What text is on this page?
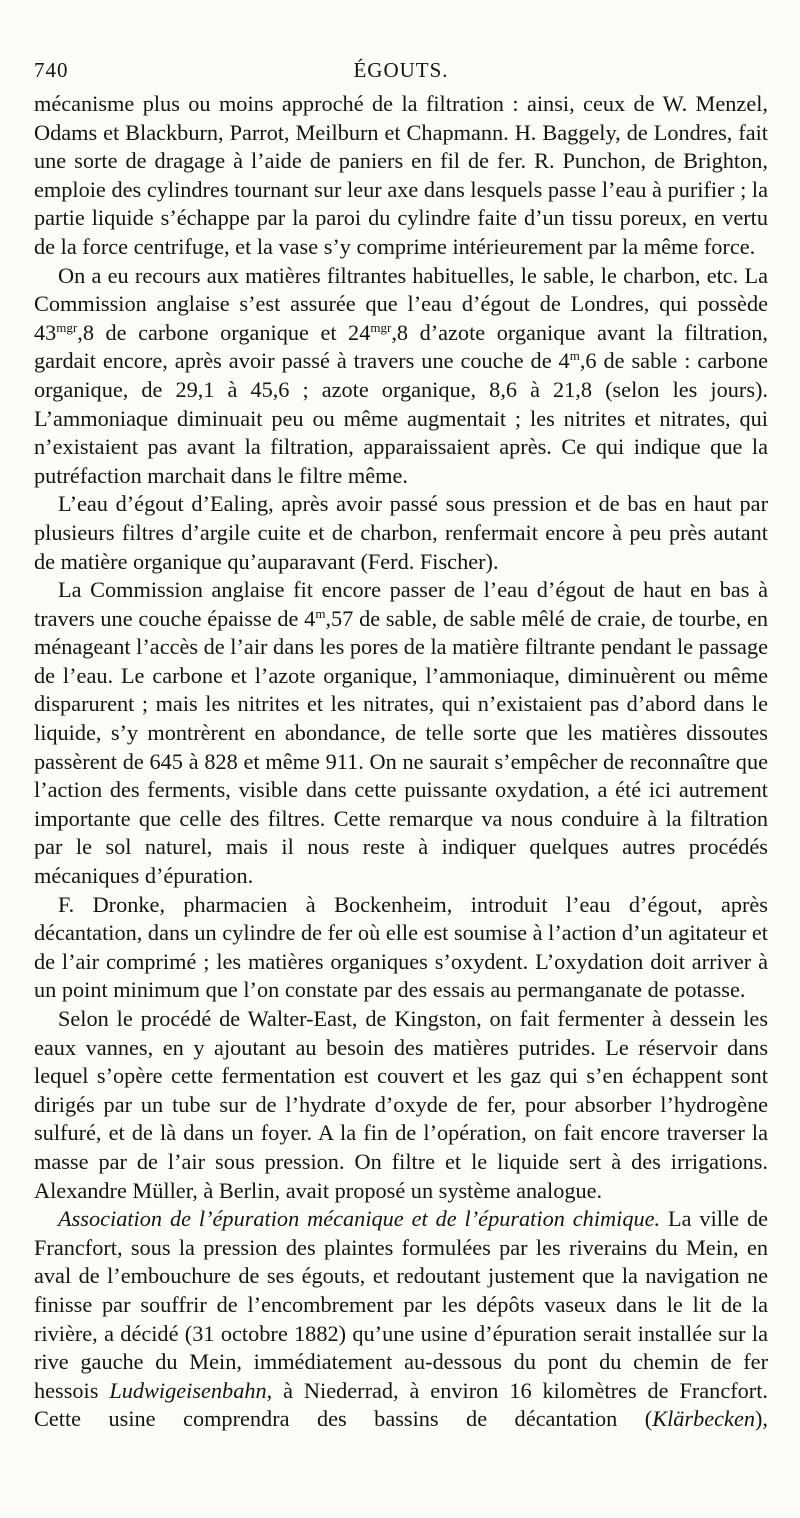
740	ÉGOUTS.

mécanisme plus ou moins approché de la filtration : ainsi, ceux de W. Menzel, Odams et Blackburn, Parrot, Meilburn et Chapmann. H. Baggely, de Londres, fait une sorte de dragage à l’aide de paniers en fil de fer. R. Punchon, de Brighton, emploie des cylindres tournant sur leur axe dans lesquels passe l’eau à purifier ; la partie liquide s’échappe par la paroi du cylindre faite d’un tissu poreux, en vertu de la force centrifuge, et la vase s’y comprime intérieurement par la même force.

On a eu recours aux matières filtrantes habituelles, le sable, le charbon, etc. La Commission anglaise s’est assurée que l’eau d’égout de Londres, qui possède $43^{mgr},8$ de carbone organique et $24^{mgr},8$ d’azote organique avant la filtration, gardait encore, après avoir passé à travers une couche de 4$^m$,6 de sable : carbone organique, de 29,1 à 45,6 ; azote organique, 8,6 à 21,8 (selon les jours). L’ammoniaque diminuait peu ou même augmentait ; les nitrites et nitrates, qui n’existaient pas avant la filtration, apparaissaient après. Ce qui indique que la putréfaction marchait dans le filtre même.

L’eau d’égout d’Ealing, après avoir passé sous pression et de bas en haut par plusieurs filtres d’argile cuite et de charbon, renfermait encore à peu près autant de matière organique qu’auparavant (Ferd. Fischer).

La Commission anglaise fit encore passer de l’eau d’égout de haut en bas à travers une couche épaisse de 4$^m$,57 de sable, de sable mêlé de craie, de tourbe, en ménageant l’accès de l’air dans les pores de la matière filtrante pendant le passage de l’eau. Le carbone et l’azote organique, l’ammoniaque, diminuèrent ou même disparurent ; mais les nitrites et les nitrates, qui n’existaient pas d’abord dans le liquide, s’y montrèrent en abondance, de telle sorte que les matières dissoutes passèrent de 645 à 828 et même 911. On ne saurait s’empêcher de reconnaître que l’action des ferments, visible dans cette puissante oxydation, a été ici autrement importante que celle des filtres. Cette remarque va nous conduire à la filtration par le sol naturel, mais il nous reste à indiquer quelques autres procédés mécaniques d’épuration.

F. Dronke, pharmacien à Bockenheim, introduit l’eau d’égout, après décantation, dans un cylindre de fer où elle est soumise à l’action d’un agitateur et de l’air comprimé ; les matières organiques s’oxydent. L’oxydation doit arriver à un point minimum que l’on constate par des essais au permanganate de potasse.

Selon le procédé de Walter-East, de Kingston, on fait fermenter à dessein les eaux vannes, en y ajoutant au besoin des matières putrides. Le réservoir dans lequel s’opère cette fermentation est couvert et les gaz qui s’en échappent sont dirigés par un tube sur de l’hydrate d’oxyde de fer, pour absorber l’hydrogène sulfuré, et de là dans un foyer. A la fin de l’opération, on fait encore traverser la masse par de l’air sous pression. On filtre et le liquide sert à des irrigations. Alexandre Müller, à Berlin, avait proposé un système analogue.

Association de l’épuration mécanique et de l’épuration chimique. La ville de Francfort, sous la pression des plaintes formulées par les riverains du Mein, en aval de l’embouchure de ses égouts, et redoutant justement que la navigation ne finisse par souffrir de l’encombrement par les dépôts vaseux dans le lit de la rivière, a décidé (31 octobre 1882) qu’une usine d’épuration serait installée sur la rive gauche du Mein, immédiatement au-dessous du pont du chemin de fer hessois Ludwigeisenbahn, à Niederrad, à environ 16 kilomètres de Francfort. Cette usine comprendra des bassins de décantation (Klärbecken),
